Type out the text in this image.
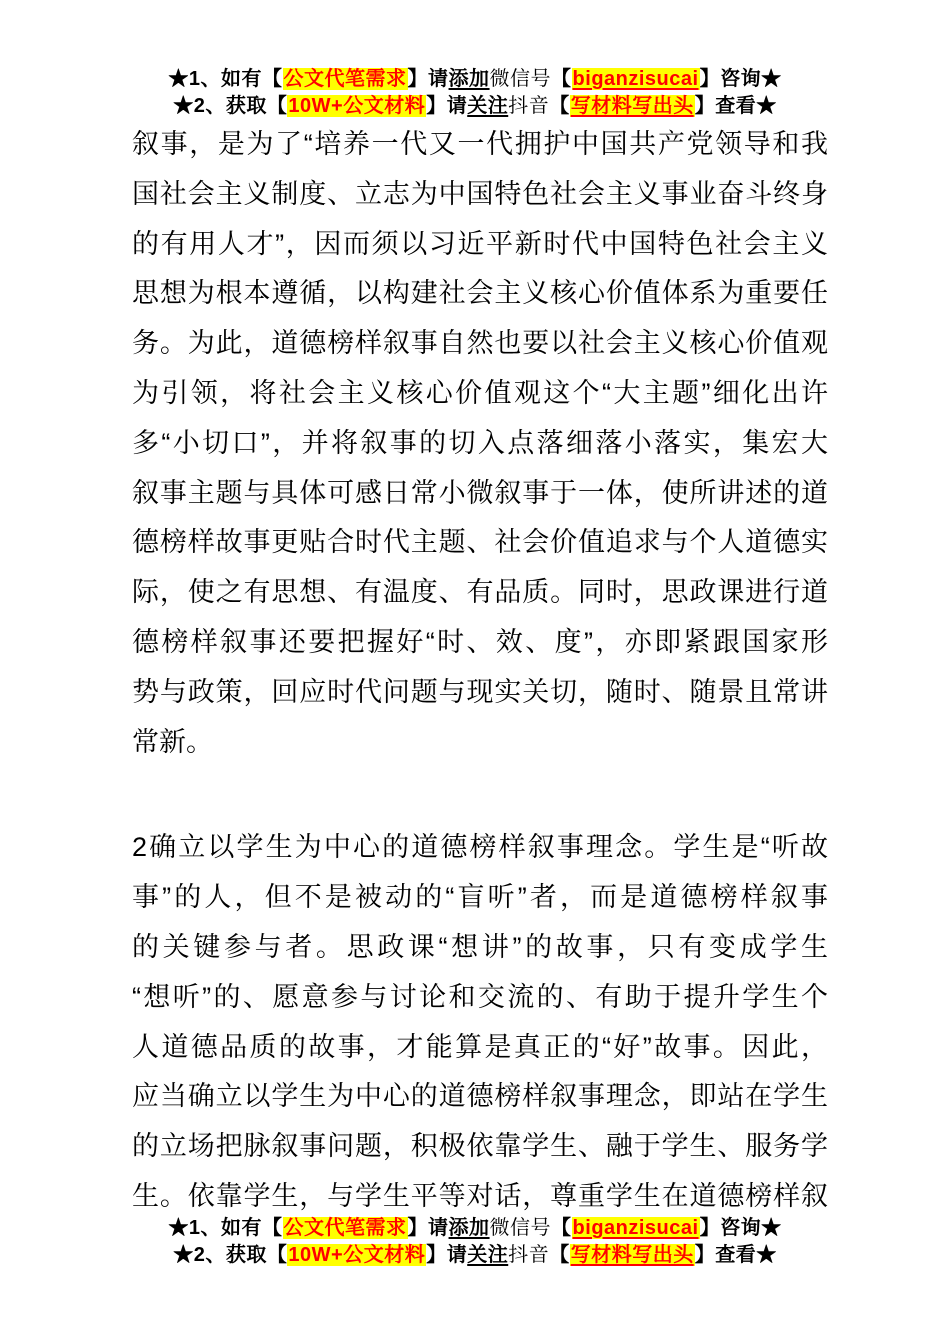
★1、如有【公文代笔需求】请添加微信号【biganzisucai】咨询★
★2、获取【10W+公文材料】请关注抖音【写材料写出头】查看★
叙事，是为了“培养一代又一代拥护中国共产党领导和我
国社会主义制度、立志为中国特色社会主义事业奋斗终身
的有用人才”，因而须以习近平新时代中国特色社会主义
思想为根本遵循，以构建社会主义核心价值体系为重要任
务。为此，道德榜样叙事自然也要以社会主义核心价值观
为引领，将社会主义核心价值观这个“大主题”细化出许
多“小切口”，并将叙事的切入点落细落小落实，集宏大
叙事主题与具体可感日常小微叙事于一体，使所讲述的道
德榜样故事更贴合时代主题、社会价值追求与个人道德实
际，使之有思想、有温度、有品质。同时，思政课进行道
德榜样叙事还要把握好“时、效、度”，亦即紧跟国家形
势与政策，回应时代问题与现实关切，随时、随景且常讲
常新。
2确立以学生为中心的道德榜样叙事理念。学生是“听故
事”的人，但不是被动的“盲听”者，而是道德榜样叙事
的关键参与者。思政课“想讲”的故事，只有变成学生
“想听”的、愿意参与讨论和交流的、有助于提升学生个
人道德品质的故事，才能算是真正的“好”故事。因此，
应当确立以学生为中心的道德榜样叙事理念，即站在学生
的立场把脉叙事问题，积极依靠学生、融于学生、服务学
生。依靠学生，与学生平等对话，尊重学生在道德榜样叙
★1、如有【公文代笔需求】请添加微信号【biganzisucai】咨询★
★2、获取【10W+公文材料】请关注抖音【写材料写出头】查看★
